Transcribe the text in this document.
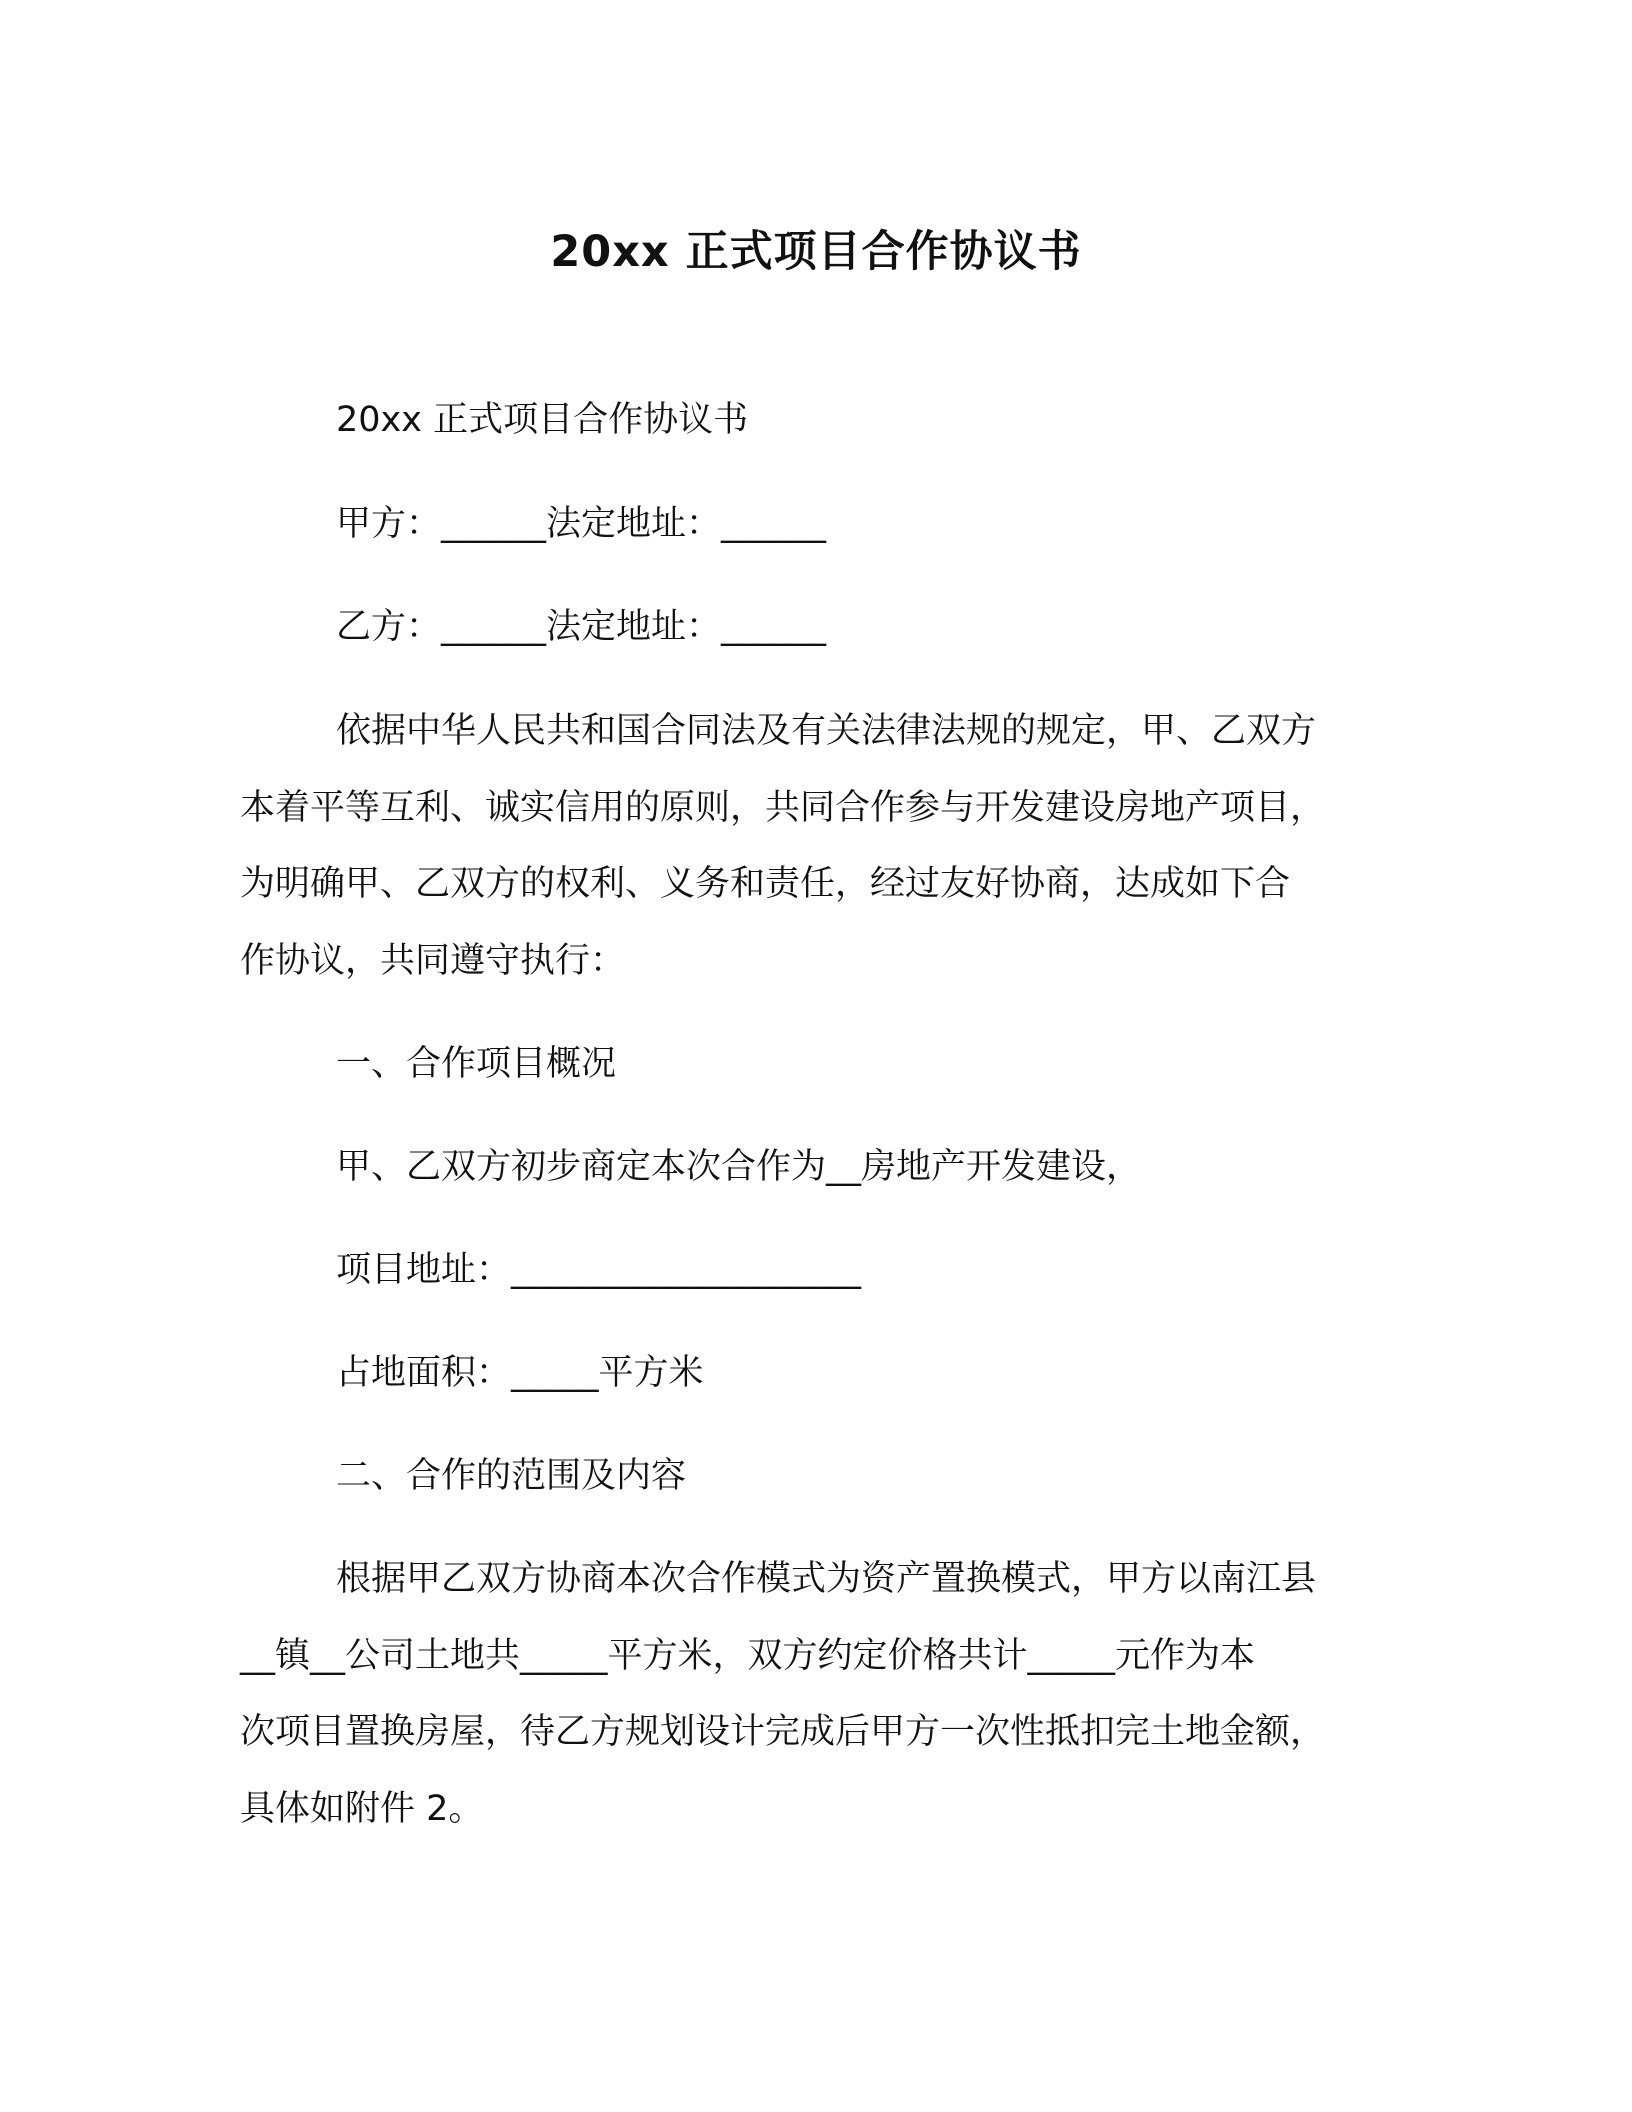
20xx 正式项目合作协议书

20xx 正式项目合作协议书

甲方：______法定地址：______

乙方：______法定地址：______

依据中华人民共和国合同法及有关法律法规的规定，甲、乙双方

本着平等互利、诚实信用的原则，共同合作参与开发建设房地产项目，

为明确甲、乙双方的权利、义务和责任，经过友好协商，达成如下合

作协议，共同遵守执行：

一、合作项目概况

甲、乙双方初步商定本次合作为__房地产开发建设，

项目地址：____________________

占地面积：_____平方米

二、合作的范围及内容

根据甲乙双方协商本次合作模式为资产置换模式，甲方以南江县

__镇__公司土地共_____平方米，双方约定价格共计_____元作为本

次项目置换房屋，待乙方规划设计完成后甲方一次性抵扣完土地金额，

具体如附件 2。
